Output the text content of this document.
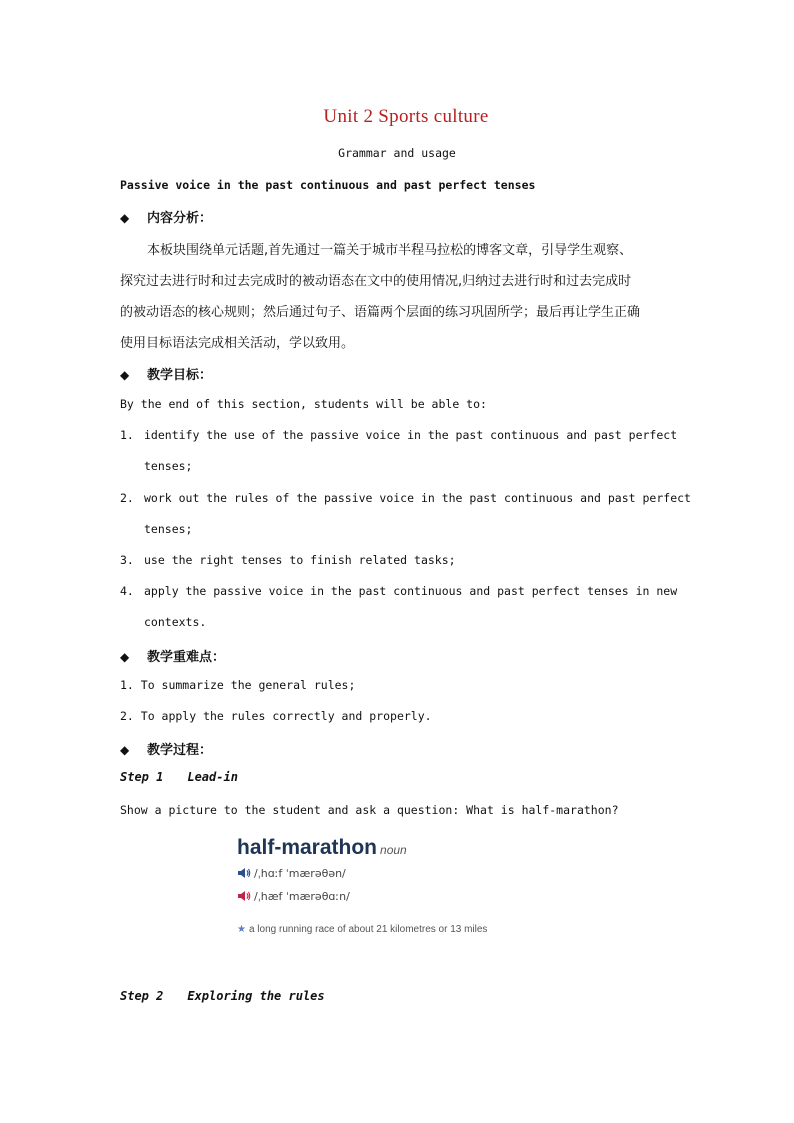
Unit 2 Sports culture
Grammar and usage
Passive voice in the past continuous and past perfect tenses
◆ 内容分析：
本板块围绕单元话题,首先通过一篇关于城市半程马拉松的博客文章，引导学生观察、
探究过去进行时和过去完成时的被动语态在文中的使用情况,归纳过去进行时和过去完成时
的被动语态的核心规则；然后通过句子、语篇两个层面的练习巩固所学；最后再让学生正确
使用目标语法完成相关活动，学以致用。
◆ 教学目标：
By the end of this section, students will be able to:
1. identify the use of the passive voice in the past continuous and past perfect
tenses;
2. work out the rules of the passive voice in the past continuous and past perfect
tenses;
3. use the right tenses to finish related tasks;
4. apply the passive voice in the past continuous and past perfect tenses in new
contexts.
◆ 教学重难点：
1. To summarize the general rules;
2. To apply the rules correctly and properly.
◆ 教学过程：
Step 1 Lead-in
Show a picture to the student and ask a question: What is half-marathon?
half-marathon noun
/ˌhɑːf ˈmærəθən/
/ˌhæf ˈmærəθɑːn/
★ a long running race of about 21 kilometres or 13 miles
Step 2 Exploring the rules
